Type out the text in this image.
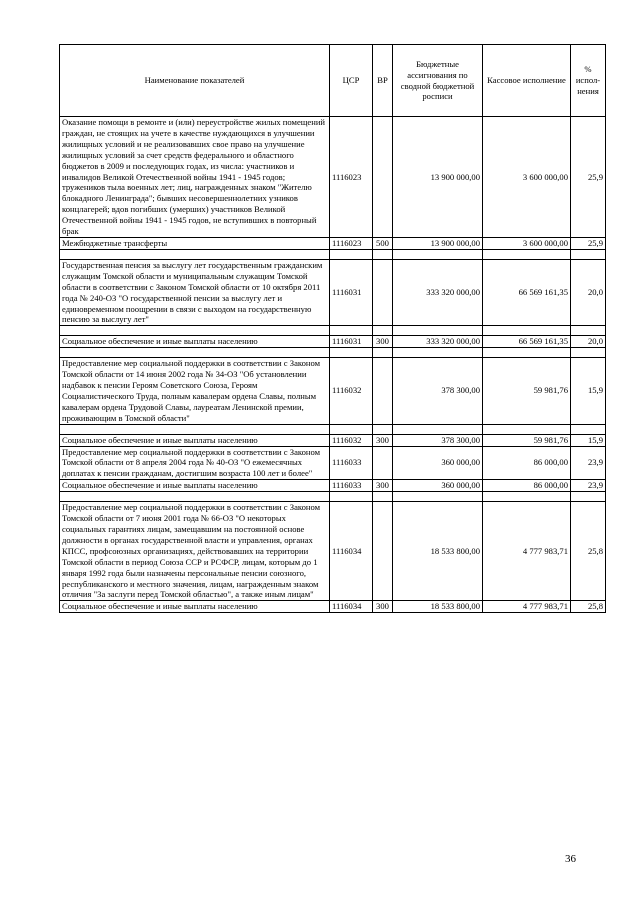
Наименование показателей	ЦСР	ВР	Бюджетные ассигнования по сводной бюджетной росписи	Кассовое исполнение	% испол-нения
Оказание помощи в ремонте и (или) переустройстве жилых помещений граждан, не стоящих на учете в качестве нуждающихся в улучшении жилищных условий и не реализовавших свое право на улучшение жилищных условий за счет средств федерального и областного бюджетов в 2009 и последующих годах, из числа: участников и инвалидов Великой Отечественной войны 1941 - 1945 годов; тружеников тыла военных лет; лиц, награжденных знаком "Жителю блокадного Ленинграда"; бывших несовершеннолетних узников концлагерей; вдов погибших (умерших) участников Великой Отечественной войны 1941 - 1945 годов, не вступивших в повторный брак	1116023		13 900 000,00	3 600 000,00	25,9
Межбюджетные трансферты	1116023	500	13 900 000,00	3 600 000,00	25,9

Государственная пенсия за выслугу лет государственным гражданским служащим Томской области и муниципальным служащим Томской области в соответствии с Законом Томской области от 10 октября 2011 года № 240-ОЗ "О государственной пенсии за выслугу лет и единовременном поощрении в связи с выходом на государственную пенсию за выслугу лет"	1116031		333 320 000,00	66 569 161,35	20,0

Социальное обеспечение и иные выплаты населению	1116031	300	333 320 000,00	66 569 161,35	20,0

Предоставление мер социальной поддержки в соответствии с Законом Томской области от 14 июня 2002 года № 34-ОЗ "Об установлении надбавок к пенсии Героям Советского Союза, Героям Социалистического Труда, полным кавалерам ордена Славы, полным кавалерам ордена Трудовой Славы, лауреатам Ленинской премии, проживающим в Томской области"	1116032		378 300,00	59 981,76	15,9

Социальное обеспечение и иные выплаты населению	1116032	300	378 300,00	59 981,76	15,9
Предоставление мер социальной поддержки в соответствии с Законом Томской области от 8 апреля 2004 года № 40-ОЗ "О ежемесячных доплатах к пенсии гражданам, достигшим возраста 100 лет и более"	1116033		360 000,00	86 000,00	23,9
Социальное обеспечение и иные выплаты населению	1116033	300	360 000,00	86 000,00	23,9

Предоставление мер социальной поддержки в соответствии с Законом Томской области от 7 июня 2001 года № 66-ОЗ "О некоторых социальных гарантиях лицам, замещавшим на постоянной основе должности в органах государственной власти и управления, органах КПСС, профсоюзных организациях, действовавших на территории Томской области в период Союза ССР и РСФСР, лицам, которым до 1 января 1992 года были назначены персональные пенсии союзного, республиканского и местного значения, лицам, награжденным знаком отличия "За заслуги перед Томской областью", а также иным лицам"	1116034		18 533 800,00	4 777 983,71	25,8
Социальное обеспечение и иные выплаты населению	1116034	300	18 533 800,00	4 777 983,71	25,8
36
